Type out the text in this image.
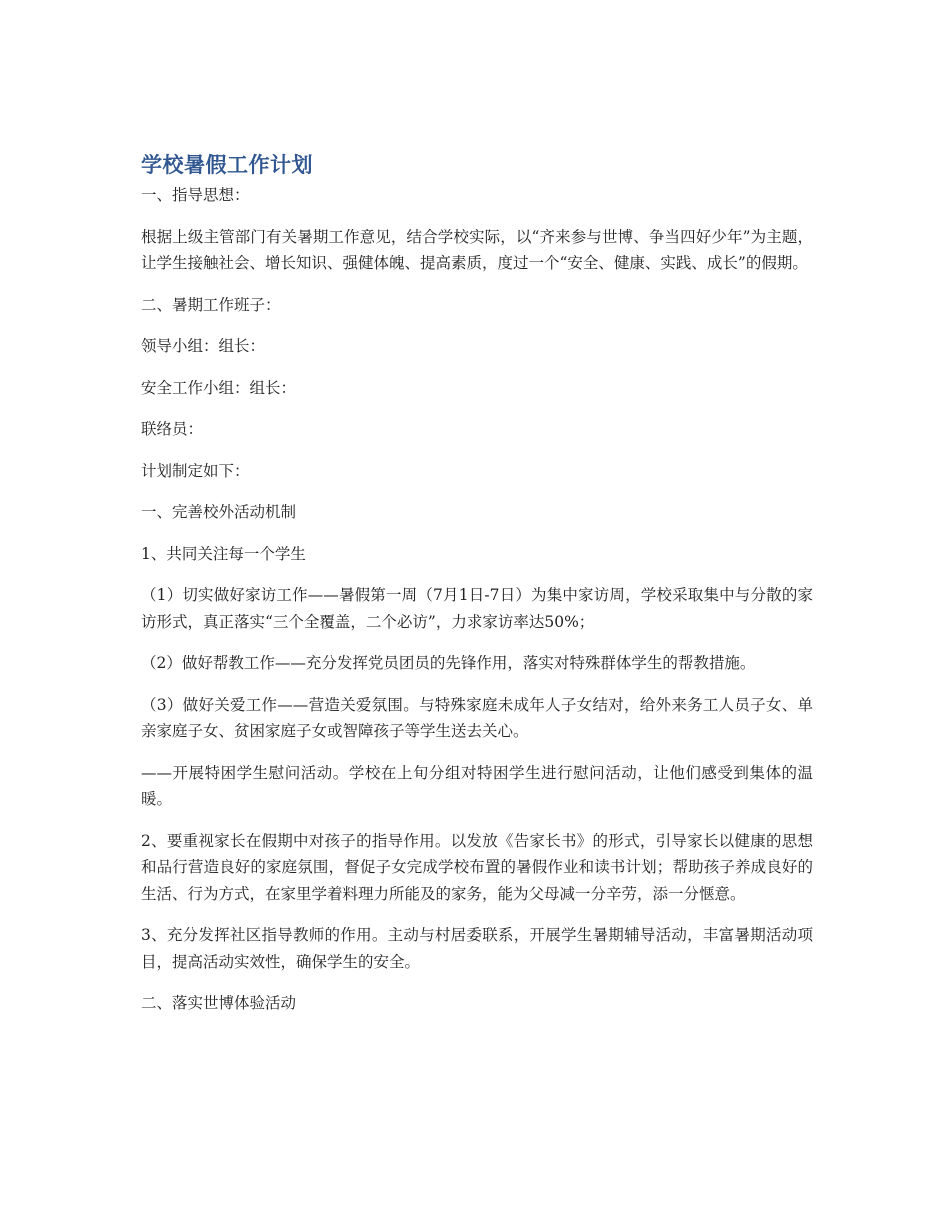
学校暑假工作计划

一、指导思想：

根据上级主管部门有关暑期工作意见，结合学校实际，以“齐来参与世博、争当四好少年”为主题，让学生接触社会、增长知识、强健体魄、提高素质，度过一个“安全、健康、实践、成长”的假期。

二、暑期工作班子：

领导小组：组长：

安全工作小组：组长：

联络员：

计划制定如下：

一、完善校外活动机制

1、共同关注每一个学生

（1）切实做好家访工作——暑假第一周（7月1日-7日）为集中家访周，学校采取集中与分散的家访形式，真正落实“三个全覆盖，二个必访”，力求家访率达50%；

（2）做好帮教工作——充分发挥党员团员的先锋作用，落实对特殊群体学生的帮教措施。

（3）做好关爱工作——营造关爱氛围。与特殊家庭未成年人子女结对，给外来务工人员子女、单亲家庭子女、贫困家庭子女或智障孩子等学生送去关心。

——开展特困学生慰问活动。学校在上旬分组对特困学生进行慰问活动，让他们感受到集体的温暖。

2、要重视家长在假期中对孩子的指导作用。以发放《告家长书》的形式，引导家长以健康的思想和品行营造良好的家庭氛围，督促子女完成学校布置的暑假作业和读书计划；帮助孩子养成良好的生活、行为方式，在家里学着料理力所能及的家务，能为父母减一分辛劳，添一分惬意。

3、充分发挥社区指导教师的作用。主动与村居委联系，开展学生暑期辅导活动，丰富暑期活动项目，提高活动实效性，确保学生的安全。

二、落实世博体验活动
